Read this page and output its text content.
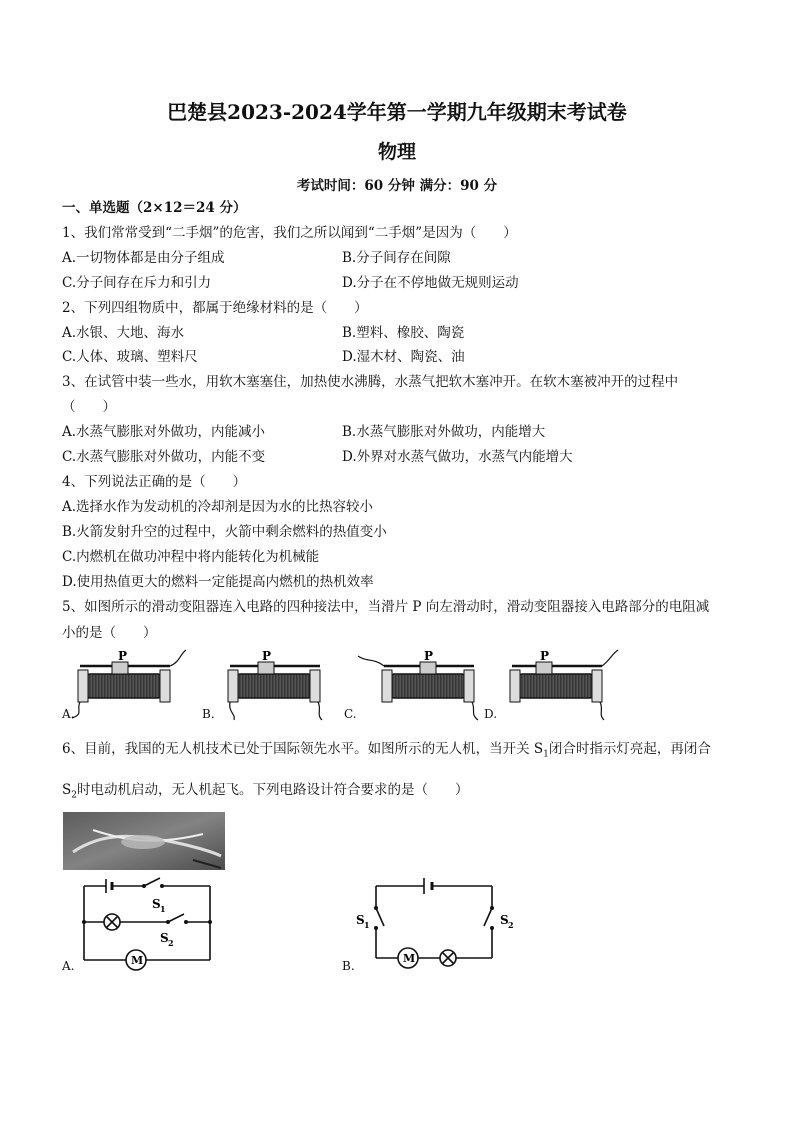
巴楚县2023-2024学年第一学期九年级期末考试卷
物理
考试时间：60 分钟 满分：90 分
一、单选题（2×12＝24 分）
1、我们常常受到“二手烟”的危害，我们之所以闻到“二手烟”是因为（　　）
A.一切物体都是由分子组成	B.分子间存在间隙
C.分子间存在斥力和引力	D.分子在不停地做无规则运动
2、下列四组物质中，都属于绝缘材料的是（　　）
A.水银、大地、海水	B.塑料、橡胶、陶瓷
C.人体、玻璃、塑料尺	D.湿木材、陶瓷、油
3、在试管中装一些水，用软木塞塞住，加热使水沸腾，水蒸气把软木塞冲开。在软木塞被冲开的过程中
（　　）
A.水蒸气膨胀对外做功，内能减小	B.水蒸气膨胀对外做功，内能增大
C.水蒸气膨胀对外做功，内能不变	D.外界对水蒸气做功，水蒸气内能增大
4、下列说法正确的是（　　）
A.选择水作为发动机的冷却剂是因为水的比热容较小
B.火箭发射升空的过程中，火箭中剩余燃料的热值变小
C.内燃机在做功冲程中将内能转化为机械能
D.使用热值更大的燃料一定能提高内燃机的热机效率
5、如图所示的滑动变阻器连入电路的四种接法中，当滑片 P 向左滑动时，滑动变阻器接入电路部分的电阻减
小的是（　　）
P
A.
P
B.
P
C.
P
D.
6、目前，我国的无人机技术已处于国际领先水平。如图所示的无人机，当开关 $S_1$闭合时指示灯亮起，再闭合
$S_2$时电动机启动，无人机起飞。下列电路设计符合要求的是（　　）
S 1
S 2
M
A.
S 1	S 2
M
B.
